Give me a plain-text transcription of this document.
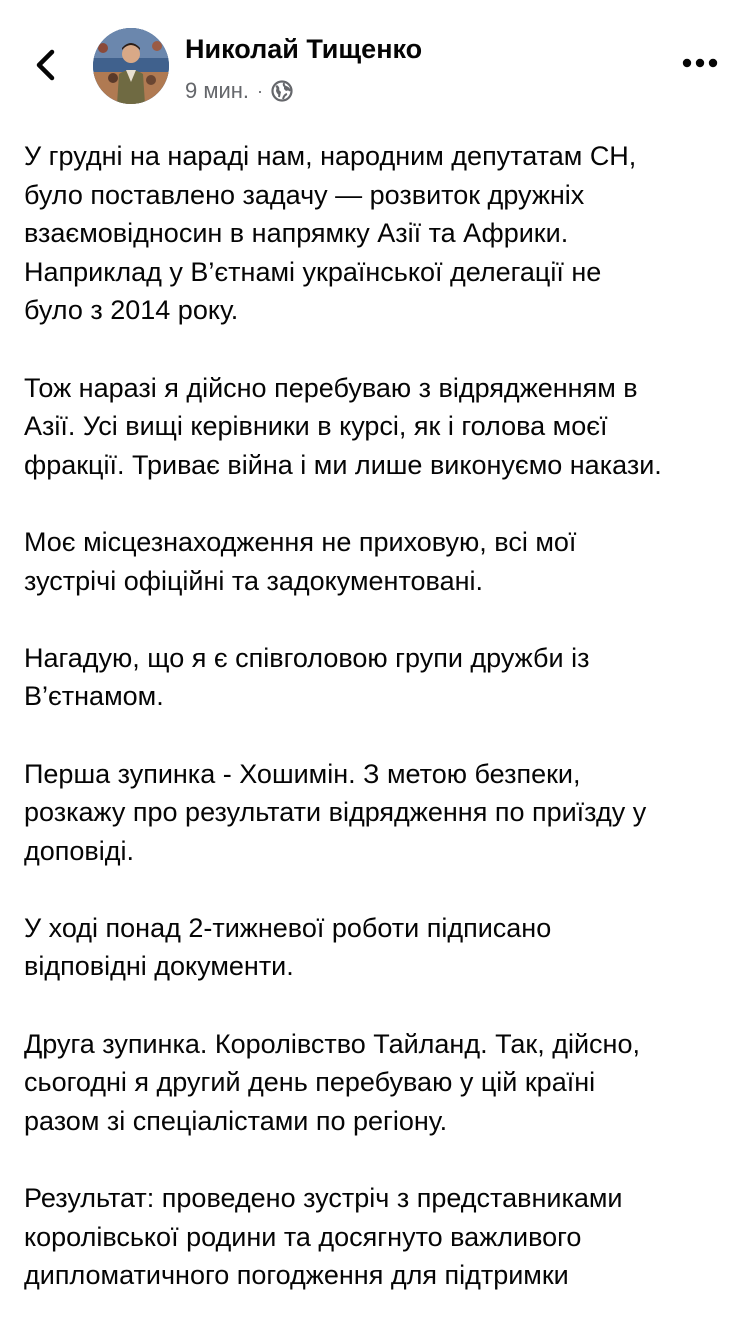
Николай Тищенко
9 мин. ·

У грудні на нараді нам, народним депутатам СН,
було поставлено задачу — розвиток дружніх
взаємовідносин в напрямку Азії та Африки.
Наприклад у В’єтнамі української делегації не
було з 2014 року.

Тож наразі я дійсно перебуваю з відрядженням в
Азії. Усі вищі керівники в курсі, як і голова моєї
фракції. Триває війна і ми лише виконуємо накази.

Моє місцезнаходження не приховую, всі мої
зустрічі офіційні та задокументовані.

Нагадую, що я є співголовою групи дружби із
В’єтнамом.

Перша зупинка - Хошимін. З метою безпеки,
розкажу про результати відрядження по приїзду у
доповіді.

У ході понад 2-тижневої роботи підписано
відповідні документи.

Друга зупинка. Королівство Тайланд. Так, дійсно,
сьогодні я другий день перебуваю у цій країні
разом зі спеціалістами по регіону.

Результат: проведено зустріч з представниками
королівської родини та досягнуто важливого
дипломатичного погодження для підтримки
